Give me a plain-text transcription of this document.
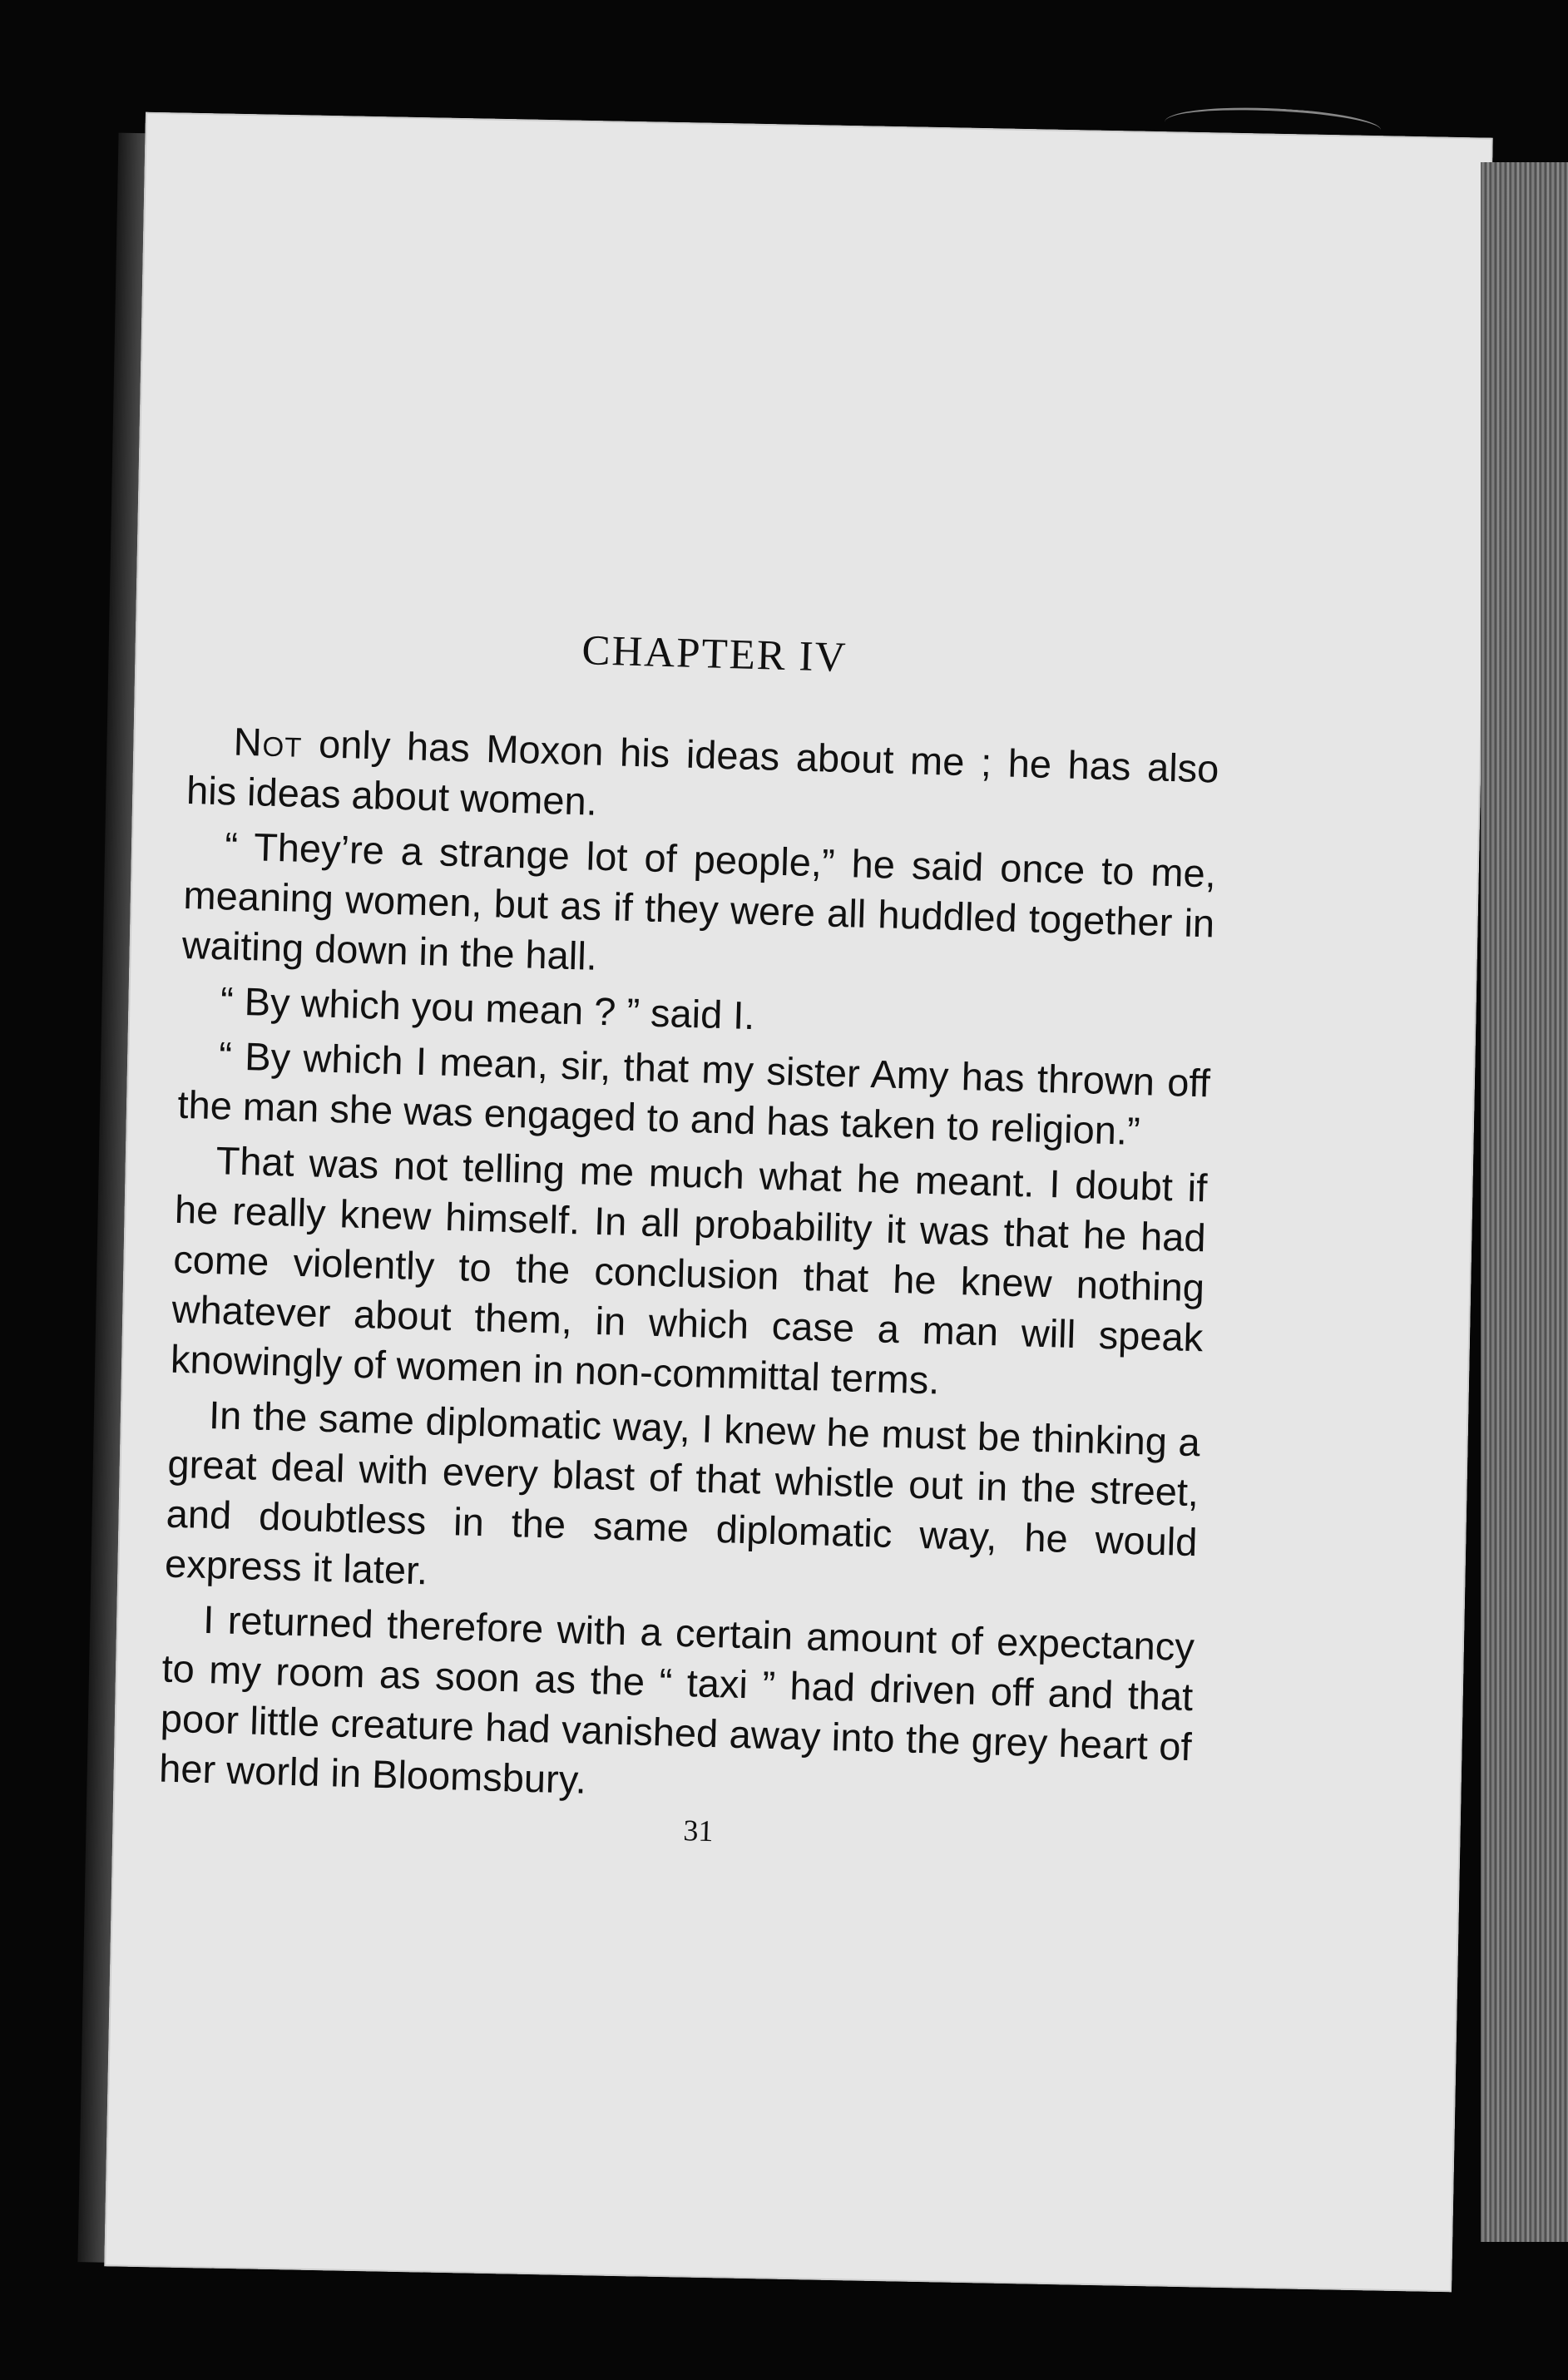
CHAPTER IV

Not only has Moxon his ideas about me ; he has also his ideas about women.

“ They’re a strange lot of people,” he said once to me, meaning women, but as if they were all huddled together in waiting down in the hall.

“ By which you mean ? ” said I.

“ By which I mean, sir, that my sister Amy has thrown off the man she was engaged to and has taken to religion.”

That was not telling me much what he meant. I doubt if he really knew himself. In all probability it was that he had come violently to the conclusion that he knew nothing whatever about them, in which case a man will speak knowingly of women in non-committal terms.

In the same diplomatic way, I knew he must be thinking a great deal with every blast of that whistle out in the street, and doubtless in the same diplomatic way, he would express it later.

I returned therefore with a certain amount of expectancy to my room as soon as the “ taxi ” had driven off and that poor little creature had vanished away into the grey heart of her world in Bloomsbury.

31
